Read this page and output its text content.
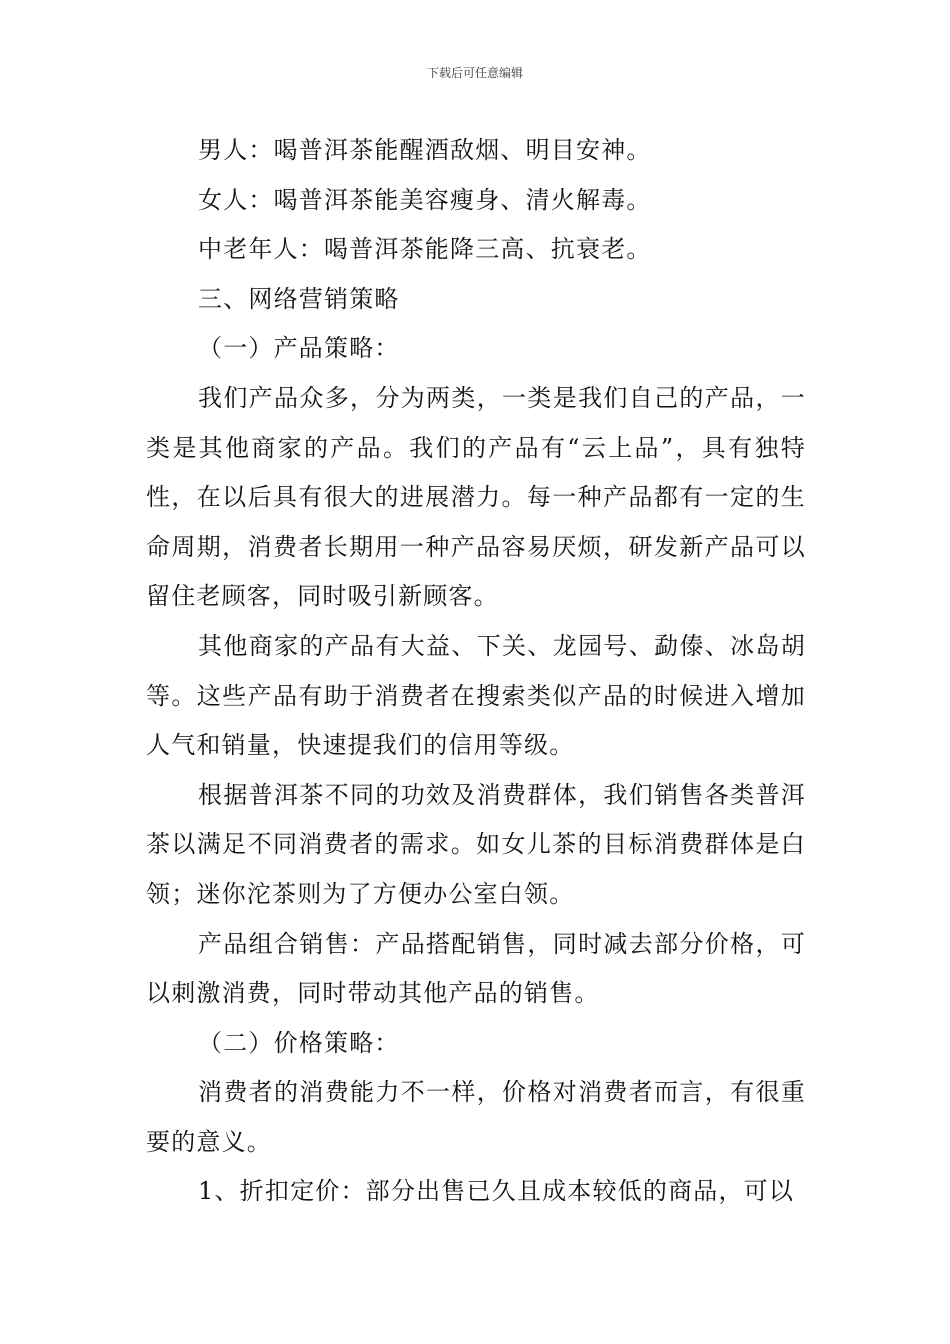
下载后可任意编辑

男人：喝普洱茶能醒酒敌烟、明目安神。

女人：喝普洱茶能美容瘦身、清火解毒。

中老年人：喝普洱茶能降三高、抗衰老。

三、网络营销策略

（一）产品策略：

我们产品众多，分为两类，一类是我们自己的产品，一类是其他商家的产品。我们的产品有“云上品”，具有独特性，在以后具有很大的进展潜力。每一种产品都有一定的生命周期，消费者长期用一种产品容易厌烦，研发新产品可以留住老顾客，同时吸引新顾客。

其他商家的产品有大益、下关、龙园号、勐傣、冰岛胡等。这些产品有助于消费者在搜索类似产品的时候进入增加人气和销量，快速提我们的信用等级。

根据普洱茶不同的功效及消费群体，我们销售各类普洱茶以满足不同消费者的需求。如女儿茶的目标消费群体是白领；迷你沱茶则为了方便办公室白领。

产品组合销售：产品搭配销售，同时减去部分价格，可以刺激消费，同时带动其他产品的销售。

（二）价格策略：

消费者的消费能力不一样，价格对消费者而言，有很重要的意义。

1、折扣定价：部分出售已久且成本较低的商品，可以
